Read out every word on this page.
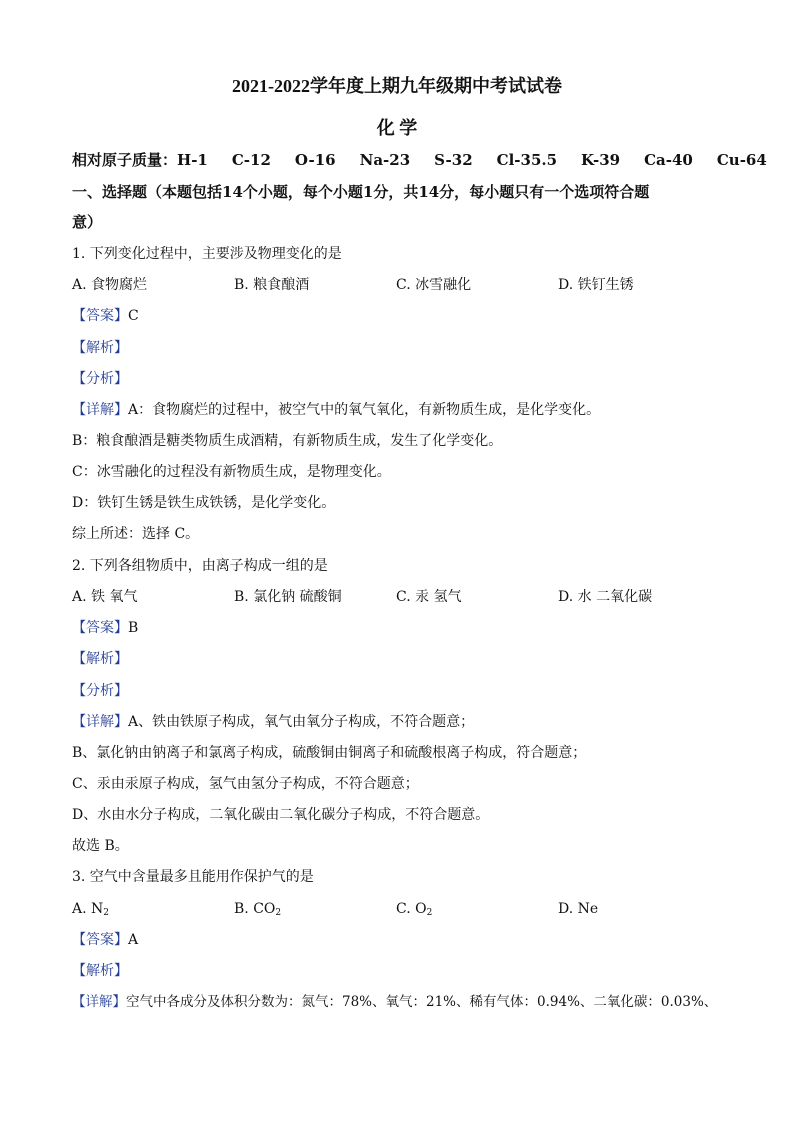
2021-2022学年度上期九年级期中考试试卷
化 学
相对原子质量：H-1 C-12 O-16 Na-23 S-32 Cl-35.5 K-39 Ca-40 Cu-64
一、选择题（本题包括14个小题，每个小题1分，共14分，每小题只有一个选项符合题
意）
1. 下列变化过程中，主要涉及物理变化的是
A. 食物腐烂	B. 粮食酿酒	C. 冰雪融化	D. 铁钉生锈
【答案】C
【解析】
【分析】
【详解】A：食物腐烂的过程中，被空气中的氧气氧化，有新物质生成，是化学变化。
B：粮食酿酒是糖类物质生成酒精，有新物质生成，发生了化学变化。
C：冰雪融化的过程没有新物质生成，是物理变化。
D：铁钉生锈是铁生成铁锈，是化学变化。
综上所述：选择 C。
2. 下列各组物质中，由离子构成一组的是
A. 铁 氧气	B. 氯化钠 硫酸铜	C. 汞 氢气	D. 水 二氧化碳
【答案】B
【解析】
【分析】
【详解】A、铁由铁原子构成，氧气由氧分子构成，不符合题意；
B、氯化钠由钠离子和氯离子构成，硫酸铜由铜离子和硫酸根离子构成，符合题意；
C、汞由汞原子构成，氢气由氢分子构成，不符合题意；
D、水由水分子构成，二氧化碳由二氧化碳分子构成，不符合题意。
故选 B。
3. 空气中含量最多且能用作保护气的是
A. $N_2$	B. $CO_2$	C. $O_2$	D. Ne
【答案】A
【解析】
【详解】空气中各成分及体积分数为：氮气：78%、氧气：21%、稀有气体：0.94%、二氧化碳：0.03%、
